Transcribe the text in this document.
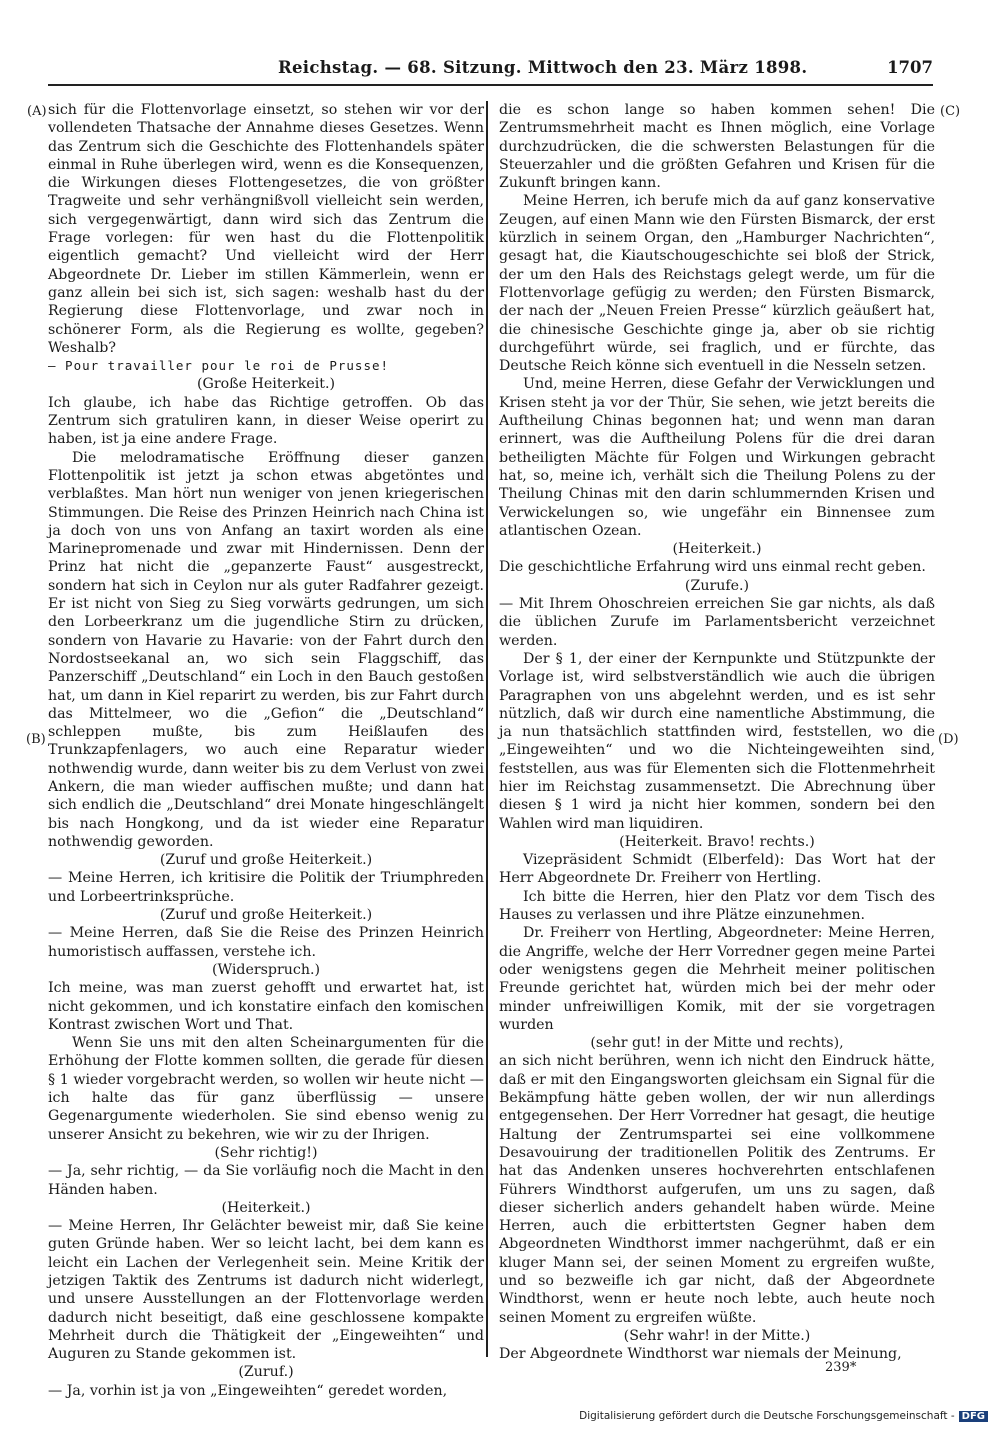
Reichstag. — 68. Sitzung. Mittwoch den 23. März 1898.	1707
(A)
(B)
(C)
(D)

sich für die Flottenvorlage einsetzt, so stehen wir vor der vollendeten Thatsache der Annahme dieses Gesetzes. Wenn das Zentrum sich die Geschichte des Flottenhandels später einmal in Ruhe überlegen wird, wenn es die Konsequenzen, die Wirkungen dieses Flottengesetzes, die von größter Tragweite und sehr verhängnißvoll vielleicht sein werden, sich vergegenwärtigt, dann wird sich das Zentrum die Frage vorlegen: für wen hast du die Flottenpolitik eigentlich gemacht? Und vielleicht wird der Herr Abgeordnete Dr. Lieber im stillen Kämmerlein, wenn er ganz allein bei sich ist, sich sagen: weshalb hast du der Regierung diese Flottenvorlage, und zwar noch in schönerer Form, als die Regierung es wollte, gegeben? Weshalb?

— Pour travailler pour le roi de Prusse!

(Große Heiterkeit.)

Ich glaube, ich habe das Richtige getroffen. Ob das Zentrum sich gratuliren kann, in dieser Weise operirt zu haben, ist ja eine andere Frage.

Die melodramatische Eröffnung dieser ganzen Flottenpolitik ist jetzt ja schon etwas abgetöntes und verblaßtes. Man hört nun weniger von jenen kriegerischen Stimmungen. Die Reise des Prinzen Heinrich nach China ist ja doch von uns von Anfang an taxirt worden als eine Marinepromenade und zwar mit Hindernissen. Denn der Prinz hat nicht die „gepanzerte Faust“ ausgestreckt, sondern hat sich in Ceylon nur als guter Radfahrer gezeigt. Er ist nicht von Sieg zu Sieg vorwärts gedrungen, um sich den Lorbeerkranz um die jugendliche Stirn zu drücken, sondern von Havarie zu Havarie: von der Fahrt durch den Nordostseekanal an, wo sich sein Flaggschiff, das Panzerschiff „Deutschland“ ein Loch in den Bauch gestoßen hat, um dann in Kiel reparirt zu werden, bis zur Fahrt durch das Mittelmeer, wo die „Gefion“ die „Deutschland“ schleppen mußte, bis zum Heißlaufen des Trunkzapfenlagers, wo auch eine Reparatur wieder nothwendig wurde, dann weiter bis zu dem Verlust von zwei Ankern, die man wieder auffischen mußte; und dann hat sich endlich die „Deutschland“ drei Monate hingeschlängelt bis nach Hongkong, und da ist wieder eine Reparatur nothwendig geworden.

(Zuruf und große Heiterkeit.)

— Meine Herren, ich kritisire die Politik der Triumphreden und Lorbeertrinksprüche.

(Zuruf und große Heiterkeit.)

— Meine Herren, daß Sie die Reise des Prinzen Heinrich humoristisch auffassen, verstehe ich.

(Widerspruch.)

Ich meine, was man zuerst gehofft und erwartet hat, ist nicht gekommen, und ich konstatire einfach den komischen Kontrast zwischen Wort und That.

Wenn Sie uns mit den alten Scheinargumenten für die Erhöhung der Flotte kommen sollten, die gerade für diesen § 1 wieder vorgebracht werden, so wollen wir heute nicht — ich halte das für ganz überflüssig — unsere Gegenargumente wiederholen. Sie sind ebenso wenig zu unserer Ansicht zu bekehren, wie wir zu der Ihrigen.

(Sehr richtig!)

— Ja, sehr richtig, — da Sie vorläufig noch die Macht in den Händen haben.

(Heiterkeit.)

— Meine Herren, Ihr Gelächter beweist mir, daß Sie keine guten Gründe haben. Wer so leicht lacht, bei dem kann es leicht ein Lachen der Verlegenheit sein. Meine Kritik der jetzigen Taktik des Zentrums ist dadurch nicht widerlegt, und unsere Ausstellungen an der Flottenvorlage werden dadurch nicht beseitigt, daß eine geschlossene kompakte Mehrheit durch die Thätigkeit der „Eingeweihten“ und Auguren zu Stande gekommen ist.

(Zuruf.)

— Ja, vorhin ist ja von „Eingeweihten“ geredet worden,

die es schon lange so haben kommen sehen! Die Zentrumsmehrheit macht es Ihnen möglich, eine Vorlage durchzudrücken, die die schwersten Belastungen für die Steuerzahler und die größten Gefahren und Krisen für die Zukunft bringen kann.

Meine Herren, ich berufe mich da auf ganz konservative Zeugen, auf einen Mann wie den Fürsten Bismarck, der erst kürzlich in seinem Organ, den „Hamburger Nachrichten“, gesagt hat, die Kiautschougeschichte sei bloß der Strick, der um den Hals des Reichstags gelegt werde, um für die Flottenvorlage gefügig zu werden; den Fürsten Bismarck, der nach der „Neuen Freien Presse“ kürzlich geäußert hat, die chinesische Geschichte ginge ja, aber ob sie richtig durchgeführt würde, sei fraglich, und er fürchte, das Deutsche Reich könne sich eventuell in die Nesseln setzen.

Und, meine Herren, diese Gefahr der Verwicklungen und Krisen steht ja vor der Thür, Sie sehen, wie jetzt bereits die Auftheilung Chinas begonnen hat; und wenn man daran erinnert, was die Auftheilung Polens für die drei daran betheiligten Mächte für Folgen und Wirkungen gebracht hat, so, meine ich, verhält sich die Theilung Polens zu der Theilung Chinas mit den darin schlummernden Krisen und Verwickelungen so, wie ungefähr ein Binnensee zum atlantischen Ozean.

(Heiterkeit.)

Die geschichtliche Erfahrung wird uns einmal recht geben.

(Zurufe.)

— Mit Ihrem Ohoschreien erreichen Sie gar nichts, als daß die üblichen Zurufe im Parlamentsbericht verzeichnet werden.

Der § 1, der einer der Kernpunkte und Stützpunkte der Vorlage ist, wird selbstverständlich wie auch die übrigen Paragraphen von uns abgelehnt werden, und es ist sehr nützlich, daß wir durch eine namentliche Abstimmung, die ja nun thatsächlich stattfinden wird, feststellen, wo die „Eingeweihten“ und wo die Nichteingeweihten sind, feststellen, aus was für Elementen sich die Flottenmehrheit hier im Reichstag zusammensetzt. Die Abrechnung über diesen § 1 wird ja nicht hier kommen, sondern bei den Wahlen wird man liquidiren.

(Heiterkeit. Bravo! rechts.)

Vizepräsident Schmidt (Elberfeld): Das Wort hat der Herr Abgeordnete Dr. Freiherr von Hertling.

Ich bitte die Herren, hier den Platz vor dem Tisch des Hauses zu verlassen und ihre Plätze einzunehmen.

Dr. Freiherr von Hertling, Abgeordneter: Meine Herren, die Angriffe, welche der Herr Vorredner gegen meine Partei oder wenigstens gegen die Mehrheit meiner politischen Freunde gerichtet hat, würden mich bei der mehr oder minder unfreiwilligen Komik, mit der sie vorgetragen wurden

(sehr gut! in der Mitte und rechts),

an sich nicht berühren, wenn ich nicht den Eindruck hätte, daß er mit den Eingangsworten gleichsam ein Signal für die Bekämpfung hätte geben wollen, der wir nun allerdings entgegensehen. Der Herr Vorredner hat gesagt, die heutige Haltung der Zentrumspartei sei eine vollkommene Desavouirung der traditionellen Politik des Zentrums. Er hat das Andenken unseres hochverehrten entschlafenen Führers Windthorst aufgerufen, um uns zu sagen, daß dieser sicherlich anders gehandelt haben würde. Meine Herren, auch die erbittertsten Gegner haben dem Abgeordneten Windthorst immer nachgerühmt, daß er ein kluger Mann sei, der seinen Moment zu ergreifen wußte, und so bezweifle ich gar nicht, daß der Abgeordnete Windthorst, wenn er heute noch lebte, auch heute noch seinen Moment zu ergreifen wüßte.

(Sehr wahr! in der Mitte.)

Der Abgeordnete Windthorst war niemals der Meinung,

239*
Digitalisierung gefördert durch die Deutsche Forschungsgemeinschaft - DFG
